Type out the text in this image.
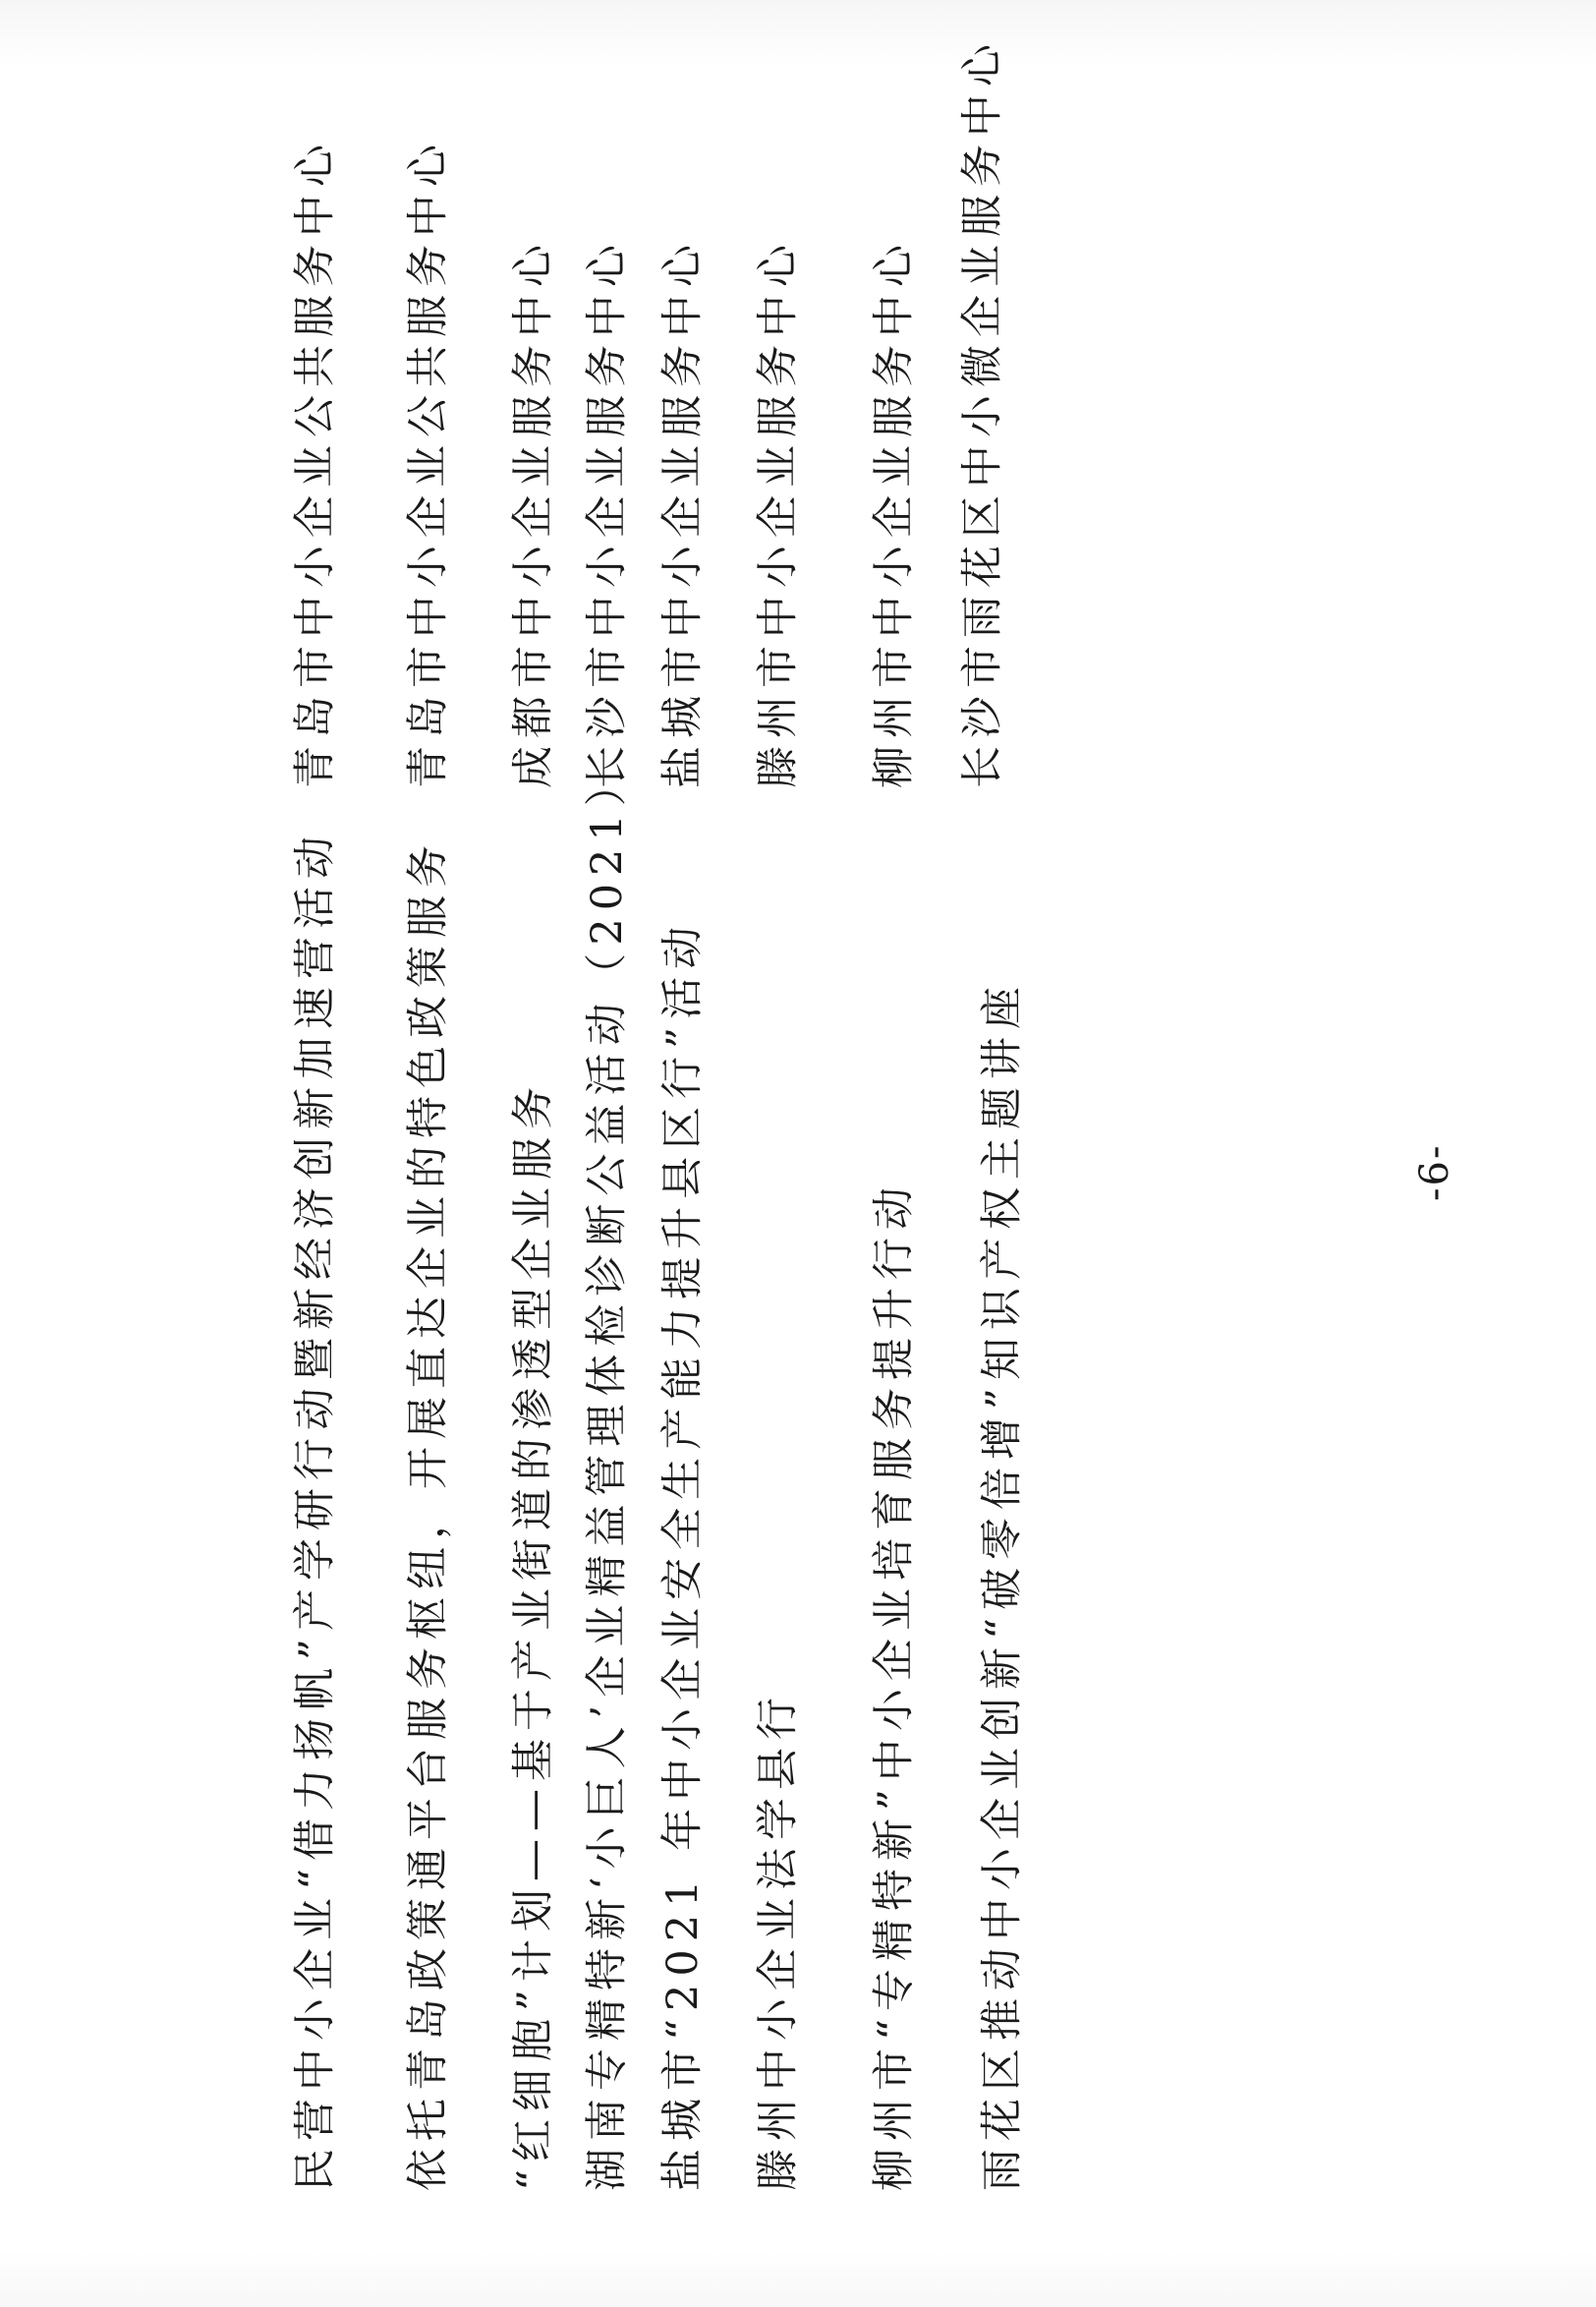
民营中小企业“借力扬帆”产学研行动暨新经济创新加速营活动
青岛市中小企业公共服务中心
依托青岛政策通平台服务枢纽，开展直达企业的特色政策服务
青岛市中小企业公共服务中心
“红细胞”计划——基于产业街道的渗透型企业服务
成都市中小企业服务中心
湖南专精特新‘小巨人’企业精益管理体检诊断公益活动（2021）
长沙市中小企业服务中心
盐城市“2021 年中小企业安全生产能力提升县区行”活动
盐城市中小企业服务中心
滕州中小企业法学县行
滕州市中小企业服务中心
柳州市“专精特新”中小企业培育服务提升行动
柳州市中小企业服务中心
雨花区推动中小企业创新“破零倍增”知识产权主题讲座
长沙市雨花区中小微企业服务中心
-6-
